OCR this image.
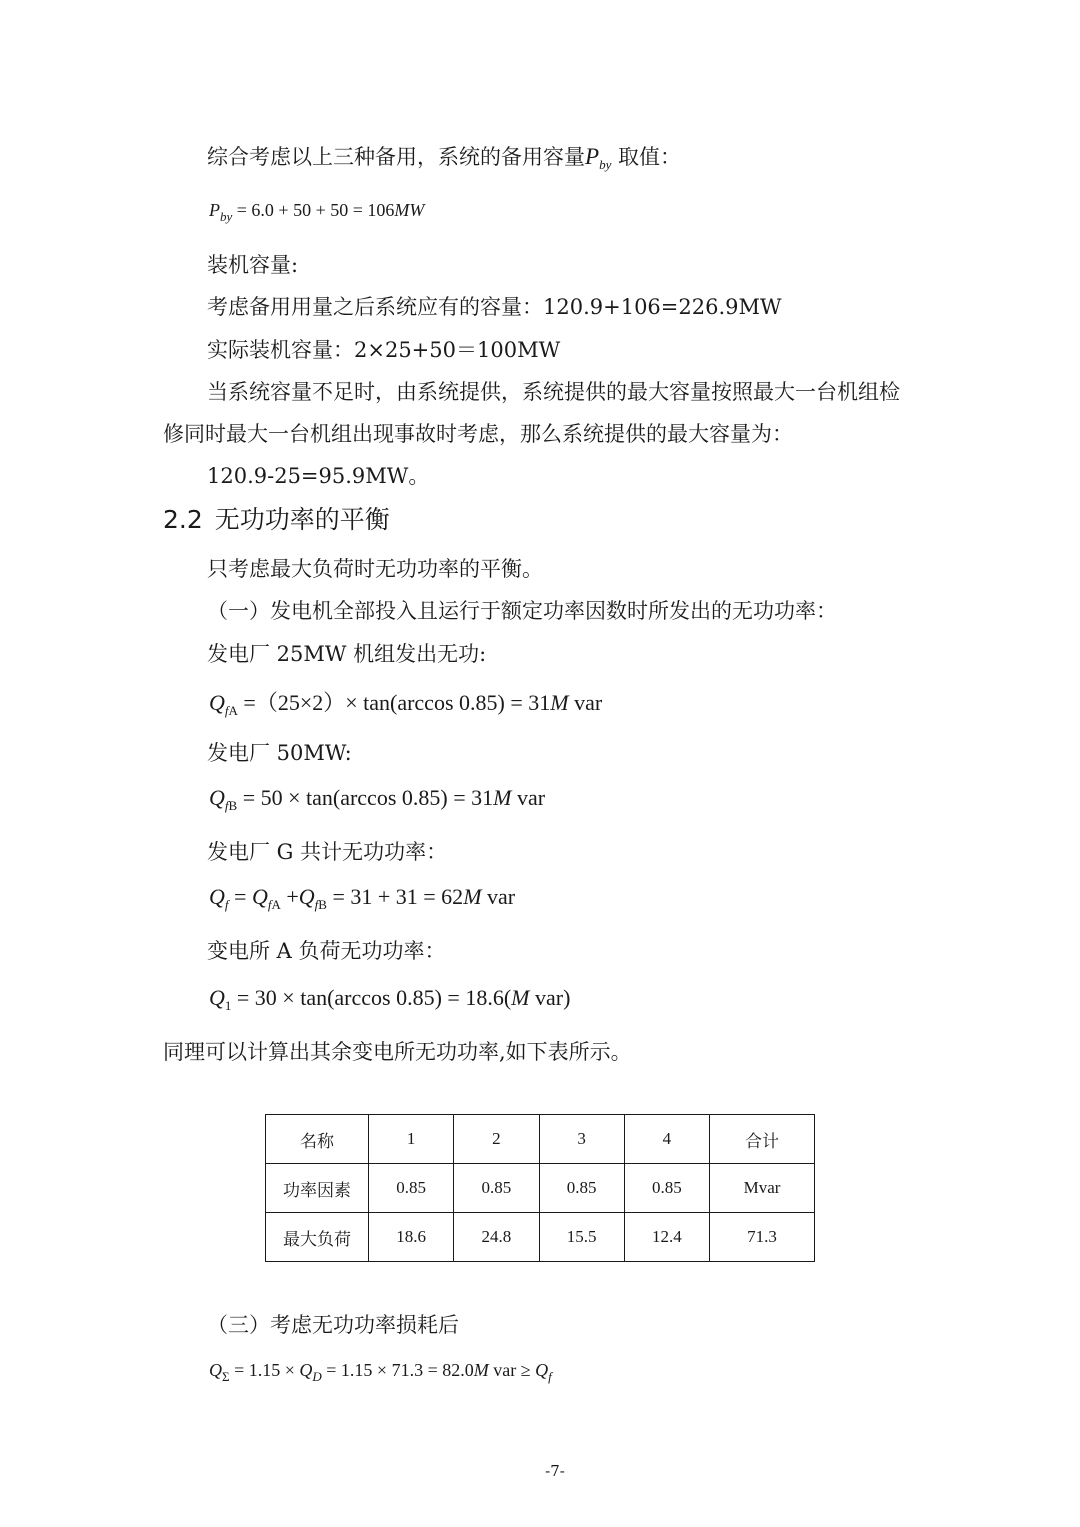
综合考虑以上三种备用，系统的备用容量$P_{by}$ 取值：
$P_{by} = 6.0 + 50 + 50 = 106MW$
装机容量:
考虑备用用量之后系统应有的容量：120.9+106=226.9MW
实际装机容量：2×25+50＝100MW
当系统容量不足时，由系统提供，系统提供的最大容量按照最大一台机组检
修同时最大一台机组出现事故时考虑，那么系统提供的最大容量为：
120.9-25=95.9MW。
2.2 无功功率的平衡
只考虑最大负荷时无功功率的平衡。
（一）发电机全部投入且运行于额定功率因数时所发出的无功功率：
发电厂 25MW 机组发出无功:
$Q_{fA} =(25\times 2)\times \tan(\arccos$ 0.85) = 31M var
发电厂 50MW:
$Q_{fB} = 50 \times \tan(\arccos$ 0.85) = 31M var
发电厂 G 共计无功功率：
$Q_f = Q_{fA} +Q_{fB} = 31 + 31 = 62M$ var
变电所 A 负荷无功功率：
$Q_1 = 30 \times \tan(\arccos$ 0.85) = 18.6(M var)
同理可以计算出其余变电所无功功率,如下表所示。
名称	1	2	3	4	合计
功率因素	0.85	0.85	0.85	0.85	Mvar
最大负荷	18.6	24.8	15.5	12.4	71.3
（三）考虑无功功率损耗后
$Q_\Sigma = 1.15 \times Q_D = 1.15 \times 71.3 = 82.0M$ var ≥ $Q_f$
-7-
